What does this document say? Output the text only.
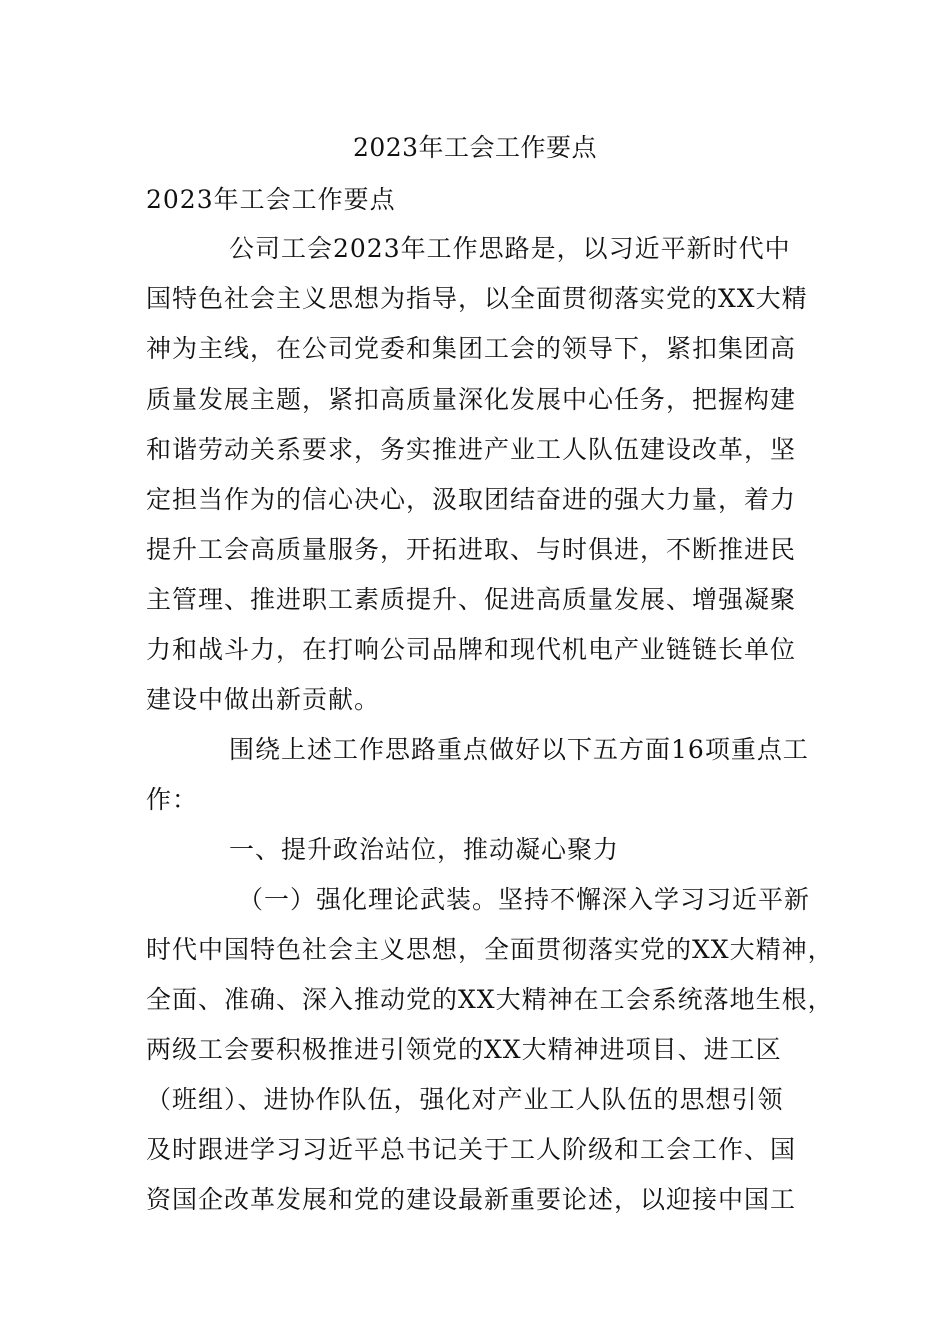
2023年工会工作要点
2023年工会工作要点
公司工会2023年工作思路是，以习近平新时代中
国特色社会主义思想为指导，以全面贯彻落实党的XX大精
神为主线，在公司党委和集团工会的领导下，紧扣集团高
质量发展主题，紧扣高质量深化发展中心任务，把握构建
和谐劳动关系要求，务实推进产业工人队伍建设改革，坚
定担当作为的信心决心，汲取团结奋进的强大力量，着力
提升工会高质量服务，开拓进取、与时俱进，不断推进民
主管理、推进职工素质提升、促进高质量发展、增强凝聚
力和战斗力，在打响公司品牌和现代机电产业链链长单位
建设中做出新贡献。
围绕上述工作思路重点做好以下五方面16项重点工
作：
一、提升政治站位，推动凝心聚力
（一）强化理论武装。坚持不懈深入学习习近平新
时代中国特色社会主义思想，全面贯彻落实党的XX大精神，
全面、准确、深入推动党的XX大精神在工会系统落地生根，
两级工会要积极推进引领党的XX大精神进项目、进工区
（班组）、进协作队伍，强化对产业工人队伍的思想引领
及时跟进学习习近平总书记关于工人阶级和工会工作、国
资国企改革发展和党的建设最新重要论述，以迎接中国工
